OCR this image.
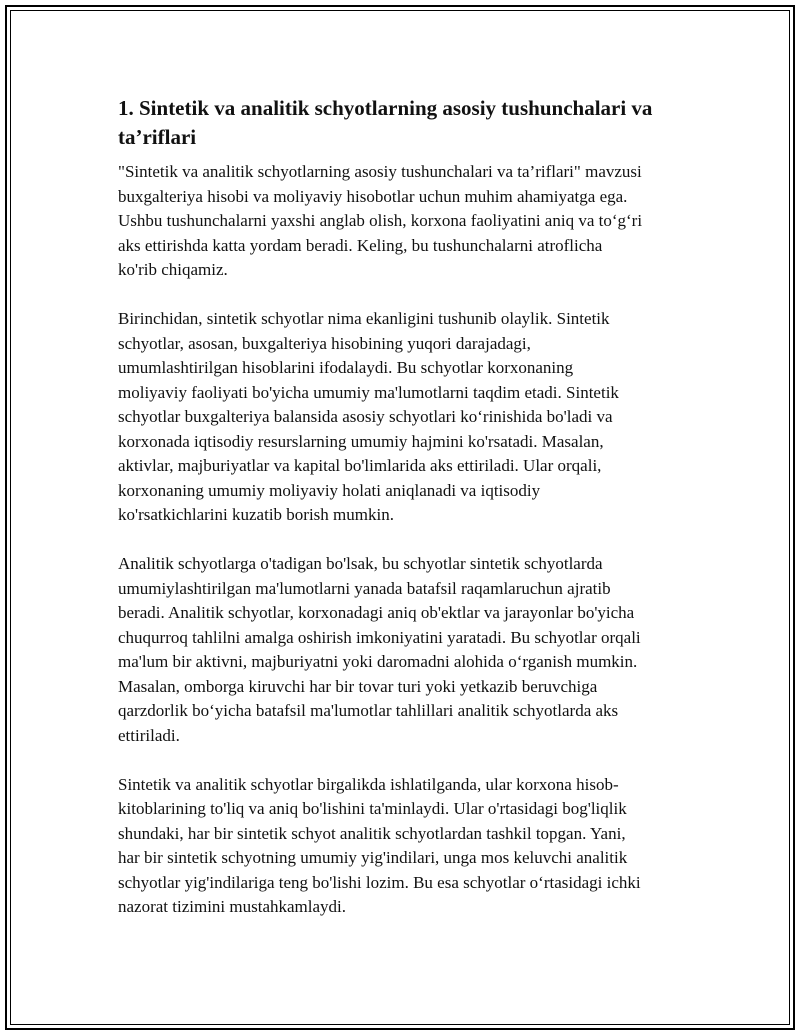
1. Sintetik va analitik schyotlarning asosiy tushunchalari va
ta’riflari
"Sintetik va analitik schyotlarning asosiy tushunchalari va ta’riflari" mavzusi
buxgalteriya hisobi va moliyaviy hisobotlar uchun muhim ahamiyatga ega.
Ushbu tushunchalarni yaxshi anglab olish, korxona faoliyatini aniq va to‘g‘ri
aks ettirishda katta yordam beradi. Keling, bu tushunchalarni atroflicha
ko'rib chiqamiz.
Birinchidan, sintetik schyotlar nima ekanligini tushunib olaylik. Sintetik
schyotlar, asosan, buxgalteriya hisobining yuqori darajadagi,
umumlashtirilgan hisoblarini ifodalaydi. Bu schyotlar korxonaning
moliyaviy faoliyati bo'yicha umumiy ma'lumotlarni taqdim etadi. Sintetik
schyotlar buxgalteriya balansida asosiy schyotlari ko‘rinishida bo'ladi va
korxonada iqtisodiy resurslarning umumiy hajmini ko'rsatadi. Masalan,
aktivlar, majburiyatlar va kapital bo'limlarida aks ettiriladi. Ular orqali,
korxonaning umumiy moliyaviy holati aniqlanadi va iqtisodiy
ko'rsatkichlarini kuzatib borish mumkin.
Analitik schyotlarga o'tadigan bo'lsak, bu schyotlar sintetik schyotlarda
umumiylashtirilgan ma'lumotlarni yanada batafsil raqamlaruchun ajratib
beradi. Analitik schyotlar, korxonadagi aniq ob'ektlar va jarayonlar bo'yicha
chuqurroq tahlilni amalga oshirish imkoniyatini yaratadi. Bu schyotlar orqali
ma'lum bir aktivni, majburiyatni yoki daromadni alohida o‘rganish mumkin.
Masalan, omborga kiruvchi har bir tovar turi yoki yetkazib beruvchiga
qarzdorlik bo‘yicha batafsil ma'lumotlar tahlillari analitik schyotlarda aks
ettiriladi.
Sintetik va analitik schyotlar birgalikda ishlatilganda, ular korxona hisob-
kitoblarining to'liq va aniq bo'lishini ta'minlaydi. Ular o'rtasidagi bog'liqlik
shundaki, har bir sintetik schyot analitik schyotlardan tashkil topgan. Yani,
har bir sintetik schyotning umumiy yig'indilari, unga mos keluvchi analitik
schyotlar yig'indilariga teng bo'lishi lozim. Bu esa schyotlar o‘rtasidagi ichki
nazorat tizimini mustahkamlaydi.
